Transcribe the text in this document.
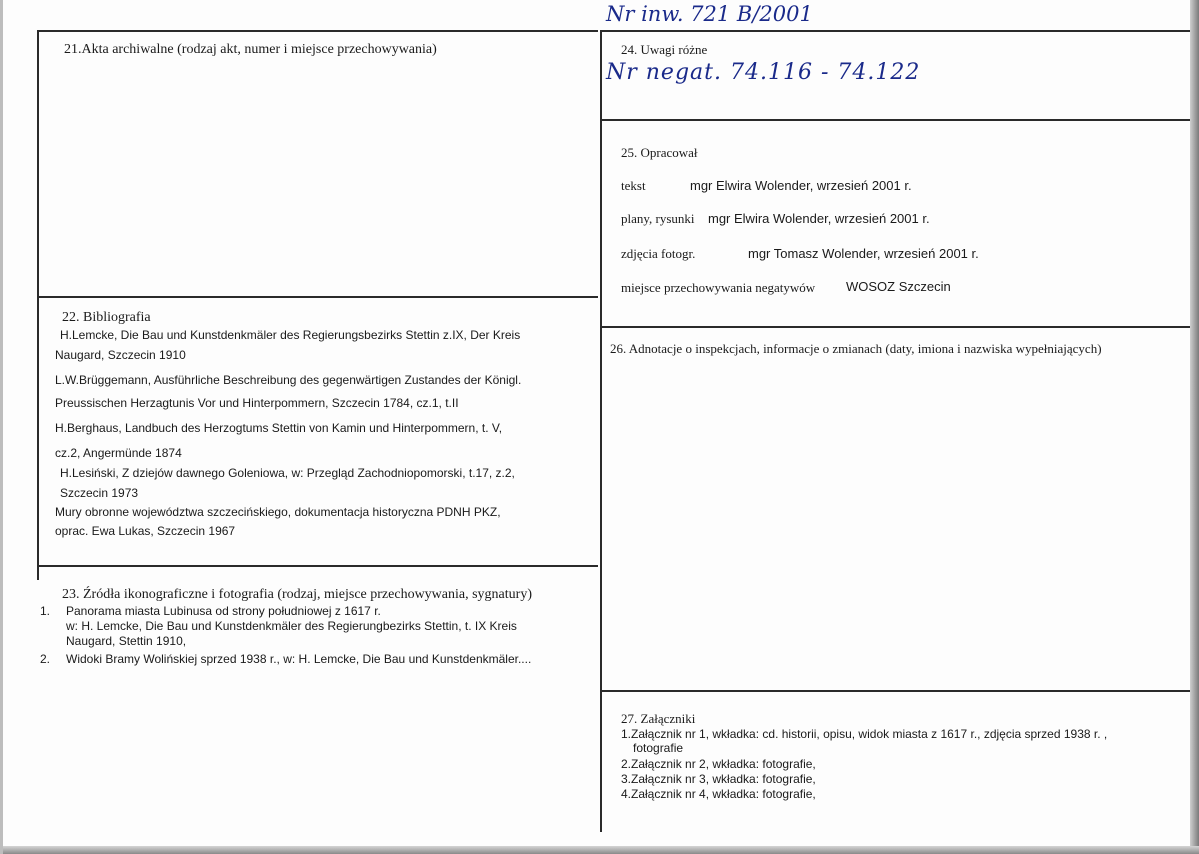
Nr inw. 721 B/2001
21.Akta archiwalne (rodzaj akt, numer i miejsce przechowywania)	24. Uwagi różne
Nr negat. 74.116 - 74.122
25. Opracował
tekst	mgr Elwira Wolender, wrzesień 2001 r.
plany, rysunki mgr Elwira Wolender, wrzesień 2001 r.
zdjęcia fotogr.	mgr Tomasz Wolender, wrzesień 2001 r.
miejsce przechowywania negatywów WOSOZ Szczecin
22. Bibliografia
H.Lemcke, Die Bau und Kunstdenkmäler des Regierungsbezirks Stettin z.IX, Der Kreis
Naugard, Szczecin 1910
L.W.Brüggemann, Ausführliche Beschreibung des gegenwärtigen Zustandes der Königl.
Preussischen Herzagtunis Vor und Hinterpommern, Szczecin 1784, cz.1, t.II
H.Berghaus, Landbuch des Herzogtums Stettin von Kamin und Hinterpommern, t. V,
cz.2, Angermünde 1874
H.Lesiński, Z dziejów dawnego Goleniowa, w: Przegląd Zachodniopomorski, t.17, z.2,
Szczecin 1973
Mury obronne województwa szczecińskiego, dokumentacja historyczna PDNH PKZ,
oprac. Ewa Lukas, Szczecin 1967
26. Adnotacje o inspekcjach, informacje o zmianach (daty, imiona i nazwiska wypełniających)
23. Źródła ikonograficzne i fotografia (rodzaj, miejsce przechowywania, sygnatury)
1. Panorama miasta Lubinusa od strony południowej z 1617 r.
w: H. Lemcke, Die Bau und Kunstdenkmäler des Regierungbezirks Stettin, t. IX Kreis
Naugard, Stettin 1910,
2. Widoki Bramy Wolińskiej sprzed 1938 r., w: H. Lemcke, Die Bau und Kunstdenkmäler....
27. Załączniki
1.Załącznik nr 1, wkładka: cd. historii, opisu, widok miasta z 1617 r., zdjęcia sprzed 1938 r. ,
fotografie
2.Załącznik nr 2, wkładka: fotografie,
3.Załącznik nr 3, wkładka: fotografie,
4.Załącznik nr 4, wkładka: fotografie,
